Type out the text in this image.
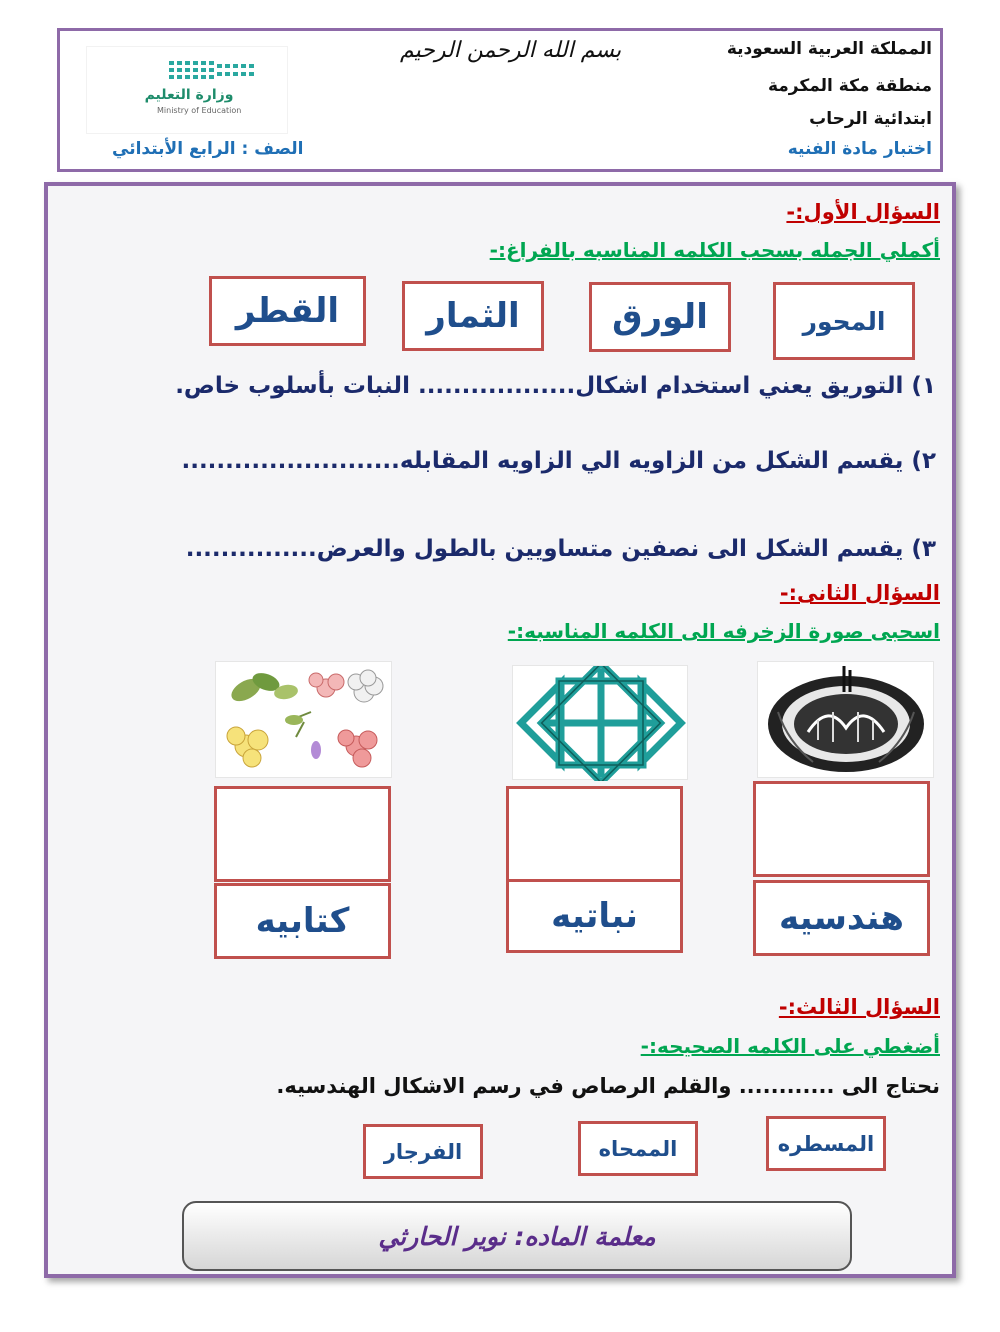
وزارة التعليم
Ministry of Education
المملكة العربية السعودية
منطقة مكة المكرمة
ابتدائية الرحاب
اختبار مادة الفنيه
بسم الله الرحمن الرحيم
الصف : الرابع الأبتدائي
السؤال الأول:-
أكملي الجمله بسحب الكلمه المناسبه بالفراغ:-
المحور
الورق
الثمار
القطر
١) التوريق يعني استخدام اشكال.................. النبات بأسلوب خاص.
٢) يقسم الشكل من الزاويه الي الزاويه المقابله.........................
٣) يقسم الشكل الى نصفين متساويين بالطول والعرض...............
السؤال الثانى:-
اسحبى صورة الزخرفه الى الكلمه المناسبه:-
هندسيه
نباتيه
كتابيه
السؤال الثالث:-
أضغطي على الكلمه الصحيحه:-
نحتاج الى ............ والقلم الرصاص في رسم الاشكال الهندسيه.
المسطره
الممحاه
الفرجار
معلمة الماده: نوير الحارثي
